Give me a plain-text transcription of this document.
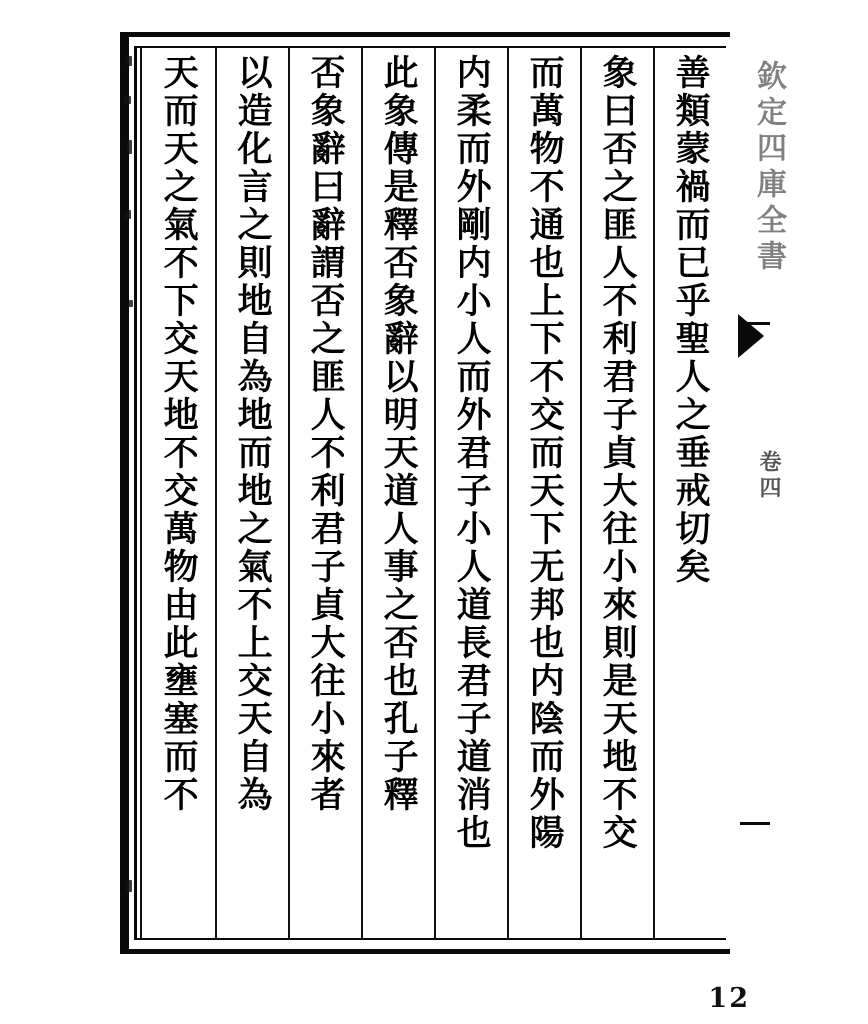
善類蒙禍而已乎聖人之垂戒切矣
象曰否之匪人不利君子貞大往小來則是天地不交
而萬物不通也上下不交而天下无邦也内陰而外陽
内柔而外剛内小人而外君子小人道長君子道消也
此象傳是釋否象辭以明天道人事之否也孔子釋
否象辭曰辭謂否之匪人不利君子貞大往小來者
以造化言之則地自為地而地之氣不上交天自為
天而天之氣不下交天地不交萬物由此壅塞而不	欽定四庫全書
卷四
12
